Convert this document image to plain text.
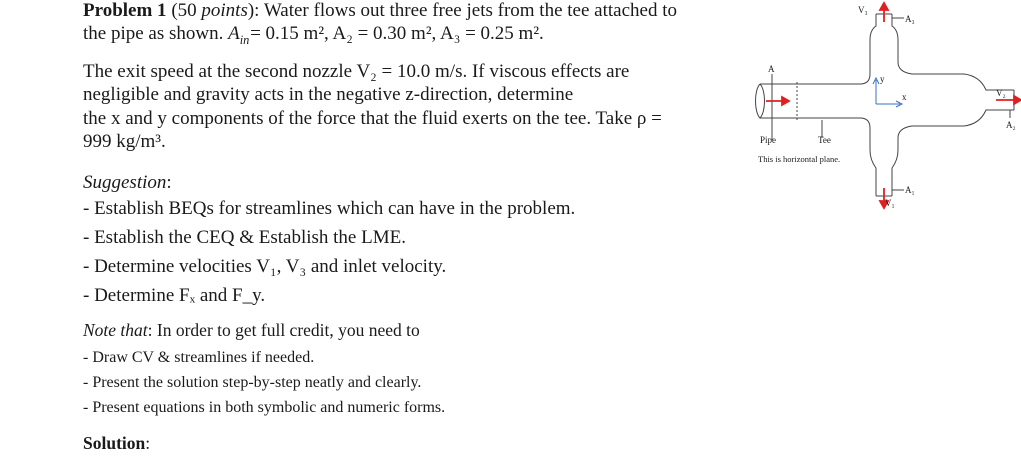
Problem 1 (50 points): Water flows out three free jets from the tee attached to
the pipe as shown. $A_{in} = 0.15$ m², A₂ = 0.30 m², A₃ = 0.25 m².
The exit speed at the second nozzle V₂ = 10.0 m/s. If viscous effects are
negligible and gravity acts in the negative z-direction, determine
the x and y components of the force that the fluid exerts on the tee. Take ρ =
999 kg/m³.
Suggestion:
- Establish BEQs for streamlines which can have in the problem.
- Establish the CEQ & Establish the LME.
- Determine velocities V₁, V₃ and inlet velocity.
- Determine Fₓ and F_y.
Note that: In order to get full credit, you need to
- Draw CV & streamlines if needed.
- Present the solution step-by-step neatly and clearly.
- Present equations in both symbolic and numeric forms.
Solution:
V₃
A₃
A
y
x	V₂
A₂
Pipe	Tee
This is horizontal plane.
A₁
V₁
